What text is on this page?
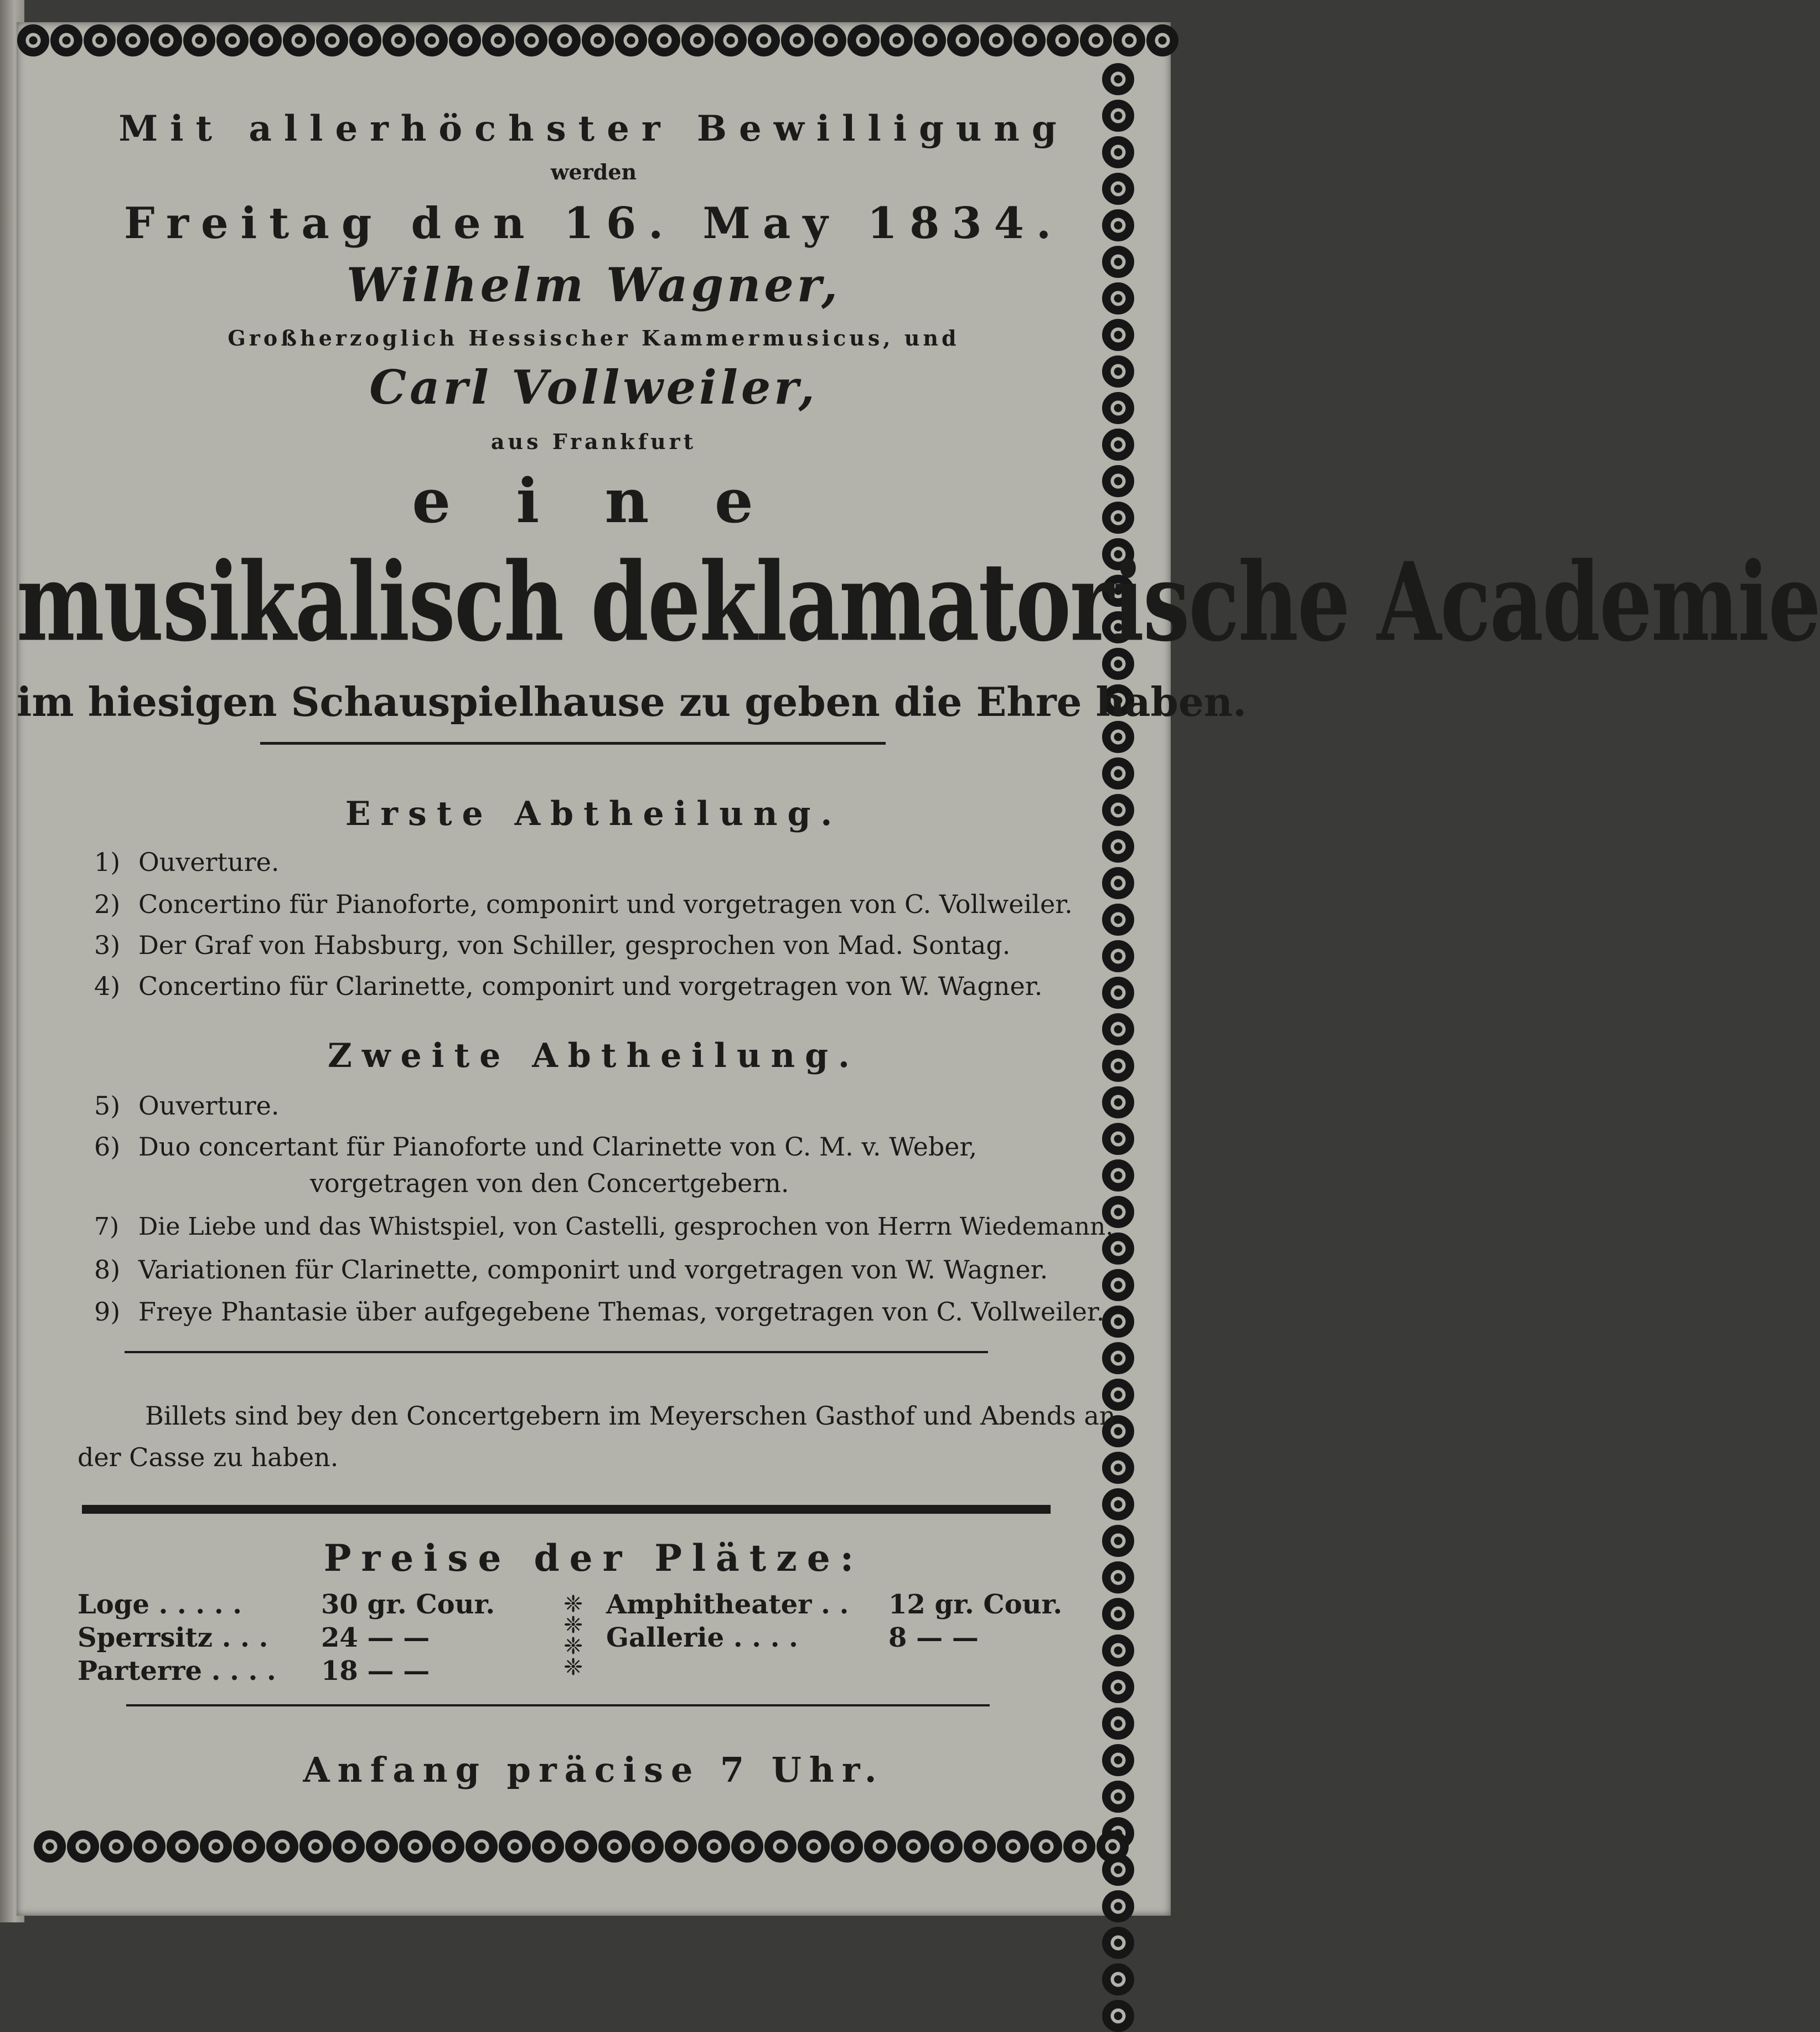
Mit allerhöchster Bewilligung
werden
Freitag den 16. May 1834.
Wilhelm Wagner,
Großherzoglich Hessischer Kammermusicus, und
Carl Vollweiler,
aus Frankfurt
e i n e
musikalisch deklamatorische Academie
im hiesigen Schauspielhause zu geben die Ehre haben.
Erste Abtheilung.
1) Ouverture.
2) Concertino für Pianoforte, componirt und vorgetragen von C. Vollweiler.
3) Der Graf von Habsburg, von Schiller, gesprochen von Mad. Sontag.
4) Concertino für Clarinette, componirt und vorgetragen von W. Wagner.
Zweite Abtheilung.
5) Ouverture.
6) Duo concertant für Pianoforte und Clarinette von C. M. v. Weber,
vorgetragen von den Concertgebern.
7) Die Liebe und das Whistspiel, von Castelli, gesprochen von Herrn Wiedemann.
8) Variationen für Clarinette, componirt und vorgetragen von W. Wagner.
9) Freye Phantasie über aufgegebene Themas, vorgetragen von C. Vollweiler.
Billets sind bey den Concertgebern im Meyerschen Gasthof und Abends an
der Casse zu haben.
Preise der Plätze:
Loge . . . . .	30 gr. Cour.
Sperrsitz . . . 24 — —
Parterre . . . . 18 — —
❈
❈
❈
❈
Amphitheater . . 12 gr. Cour.
Gallerie . . . .	8 — —
Anfang präcise 7 Uhr.
